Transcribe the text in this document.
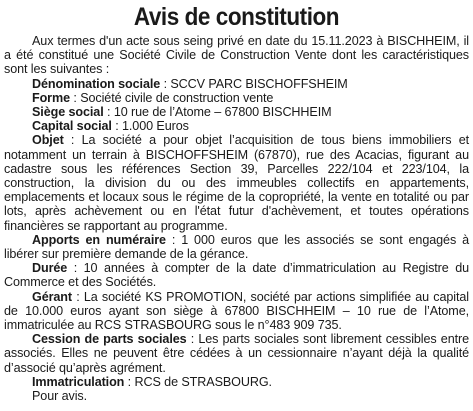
Avis de constitution

Aux termes d'un acte sous seing privé en date du 15.11.2023 à BISCHHEIM, il a été constitué une Société Civile de Construction Vente dont les caractéristiques sont les suivantes :

Dénomination sociale : SCCV PARC BISCHOFFSHEIM

Forme : Société civile de construction vente

Siège social : 10 rue de l’Atome – 67800 BISCHHEIM

Capital social : 1.000 Euros

Objet : La société a pour objet l’acquisition de tous biens immobiliers et notamment un terrain à BISCHOFFSHEIM (67870), rue des Acacias, figurant au cadastre sous les références Section 39, Parcelles 222/104 et 223/104, la construction, la division du ou des immeubles collectifs en appartements, emplacements et locaux sous le régime de la copropriété, la vente en totalité ou par lots, après achèvement ou en l'état futur d'achèvement, et toutes opérations financières se rapportant au programme.

Apports en numéraire : 1 000 euros que les associés se sont engagés à libérer sur première demande de la gérance.

Durée : 10 années à compter de la date d’immatriculation au Registre du Commerce et des Sociétés.

Gérant : La société KS PROMOTION, société par actions simplifiée au capital de 10.000 euros ayant son siège à 67800 BISCHHEIM – 10 rue de l’Atome, immatriculée au RCS STRASBOURG sous le n°483 909 735.

Cession de parts sociales : Les parts sociales sont librement cessibles entre associés. Elles ne peuvent être cédées à un cessionnaire n’ayant déjà la qualité d’associé qu’après agrément.

Immatriculation : RCS de STRASBOURG.

Pour avis.
